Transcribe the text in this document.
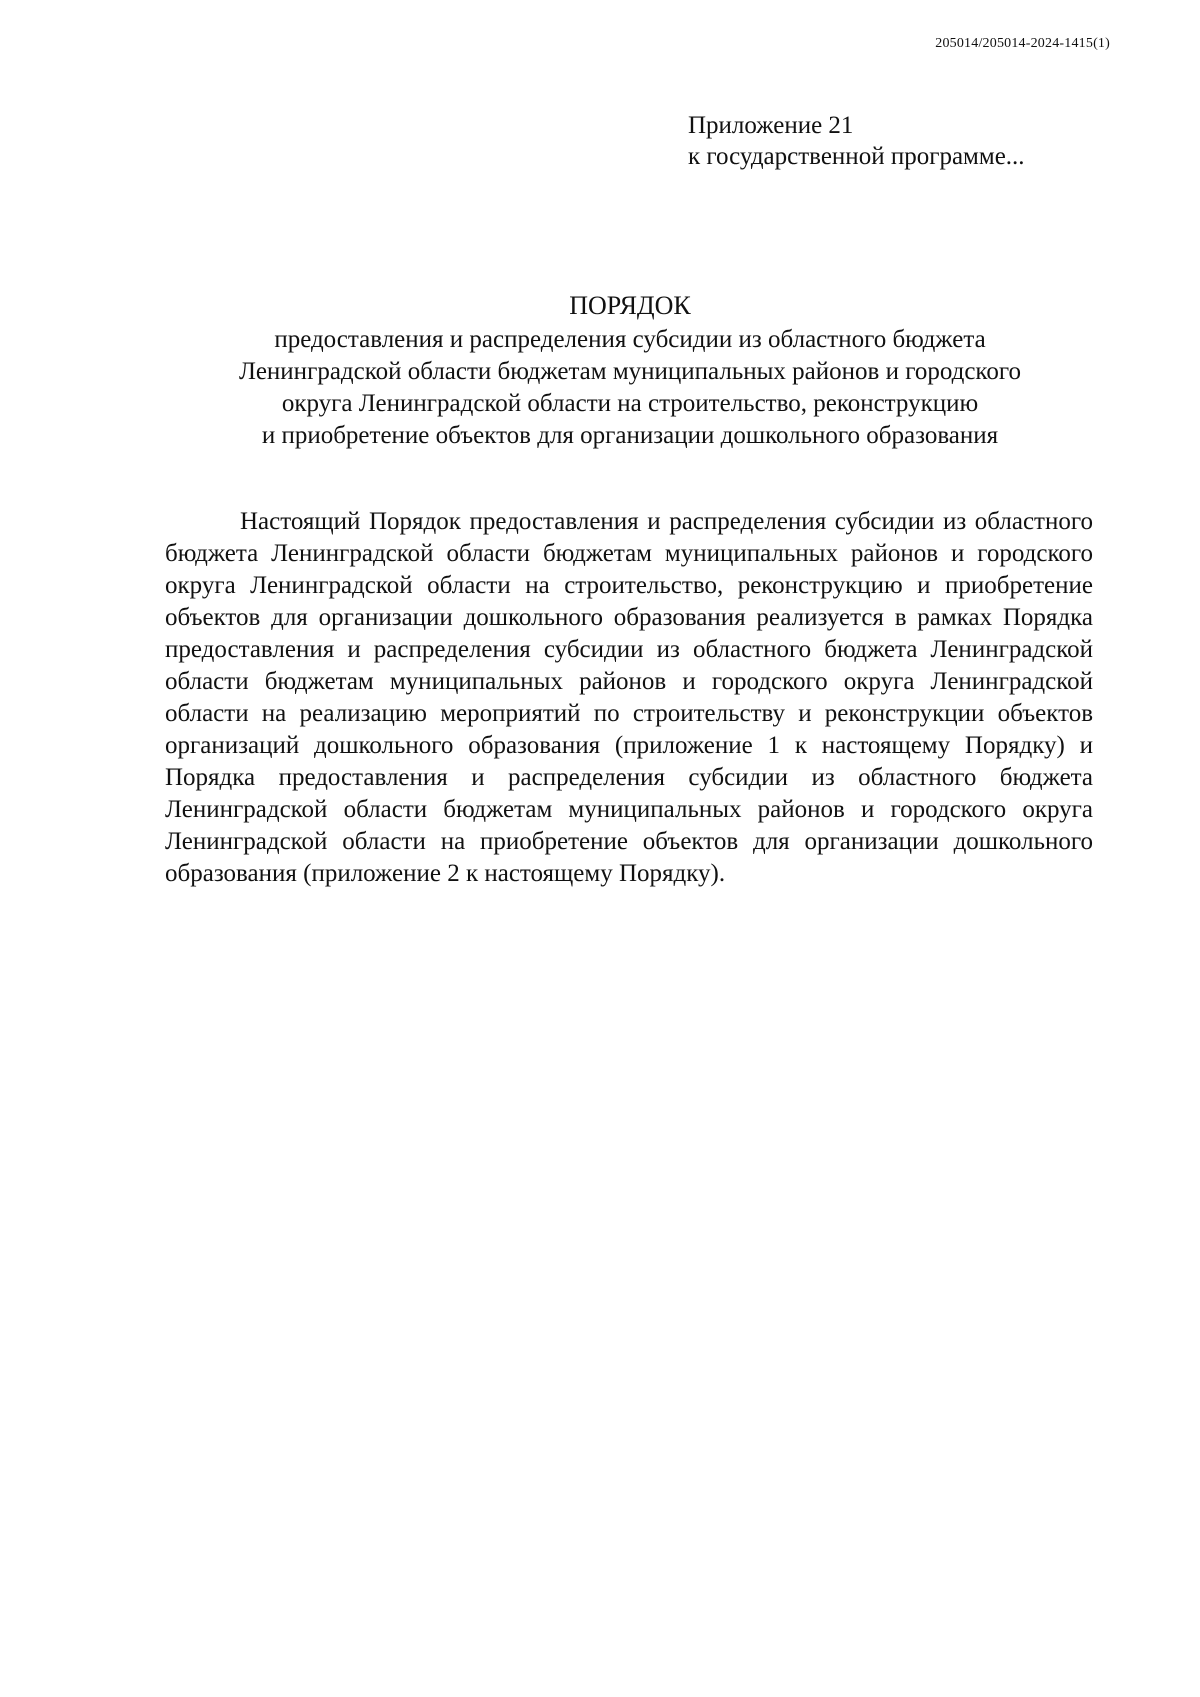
205014/205014-2024-1415(1)
Приложение 21
к государственной программе...
ПОРЯДОК
предоставления и распределения субсидии из областного бюджета
Ленинградской области бюджетам муниципальных районов и городского
округа Ленинградской области на строительство, реконструкцию
и приобретение объектов для организации дошкольного образования

Настоящий Порядок предоставления и распределения субсидии из областного бюджета Ленинградской области бюджетам муниципальных районов и городского округа Ленинградской области на строительство, реконструкцию и приобретение объектов для организации дошкольного образования реализуется в рамках Порядка предоставления и распределения субсидии из областного бюджета Ленинградской области бюджетам муниципальных районов и городского округа Ленинградской области на реализацию мероприятий по строительству и реконструкции объектов организаций дошкольного образования (приложение 1 к настоящему Порядку) и Порядка предоставления и распределения субсидии из областного бюджета Ленинградской области бюджетам муниципальных районов и городского округа Ленинградской области на приобретение объектов для организации дошкольного образования (приложение 2 к настоящему Порядку).
